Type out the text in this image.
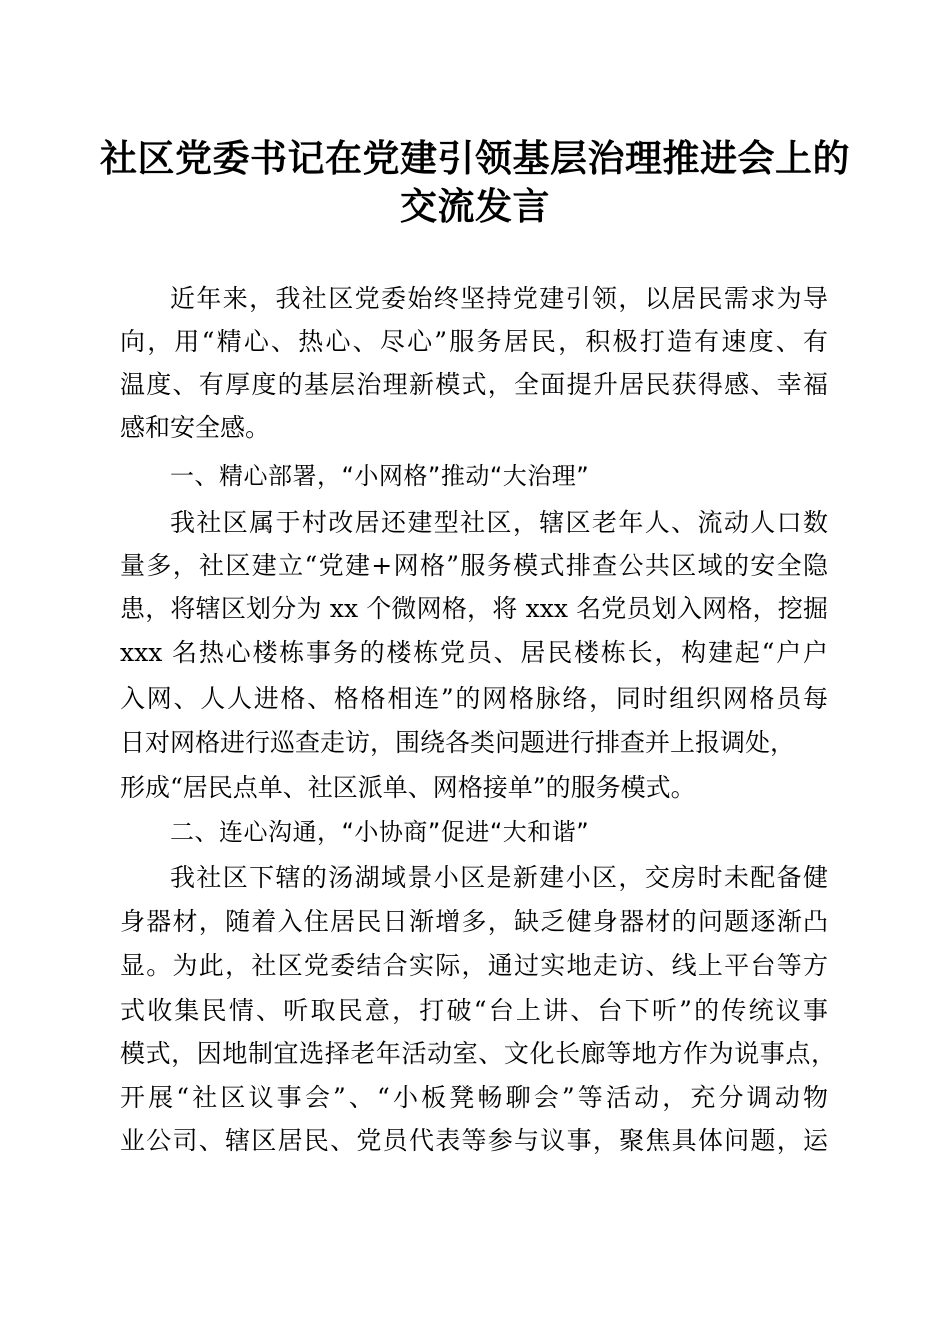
社区党委书记在党建引领基层治理推进会上的
交流发言
近年来，我社区党委始终坚持党建引领，以居民需求为导
向，用“精心、热心、尽心”服务居民，积极打造有速度、有
温度、有厚度的基层治理新模式，全面提升居民获得感、幸福
感和安全感。
一、精心部署，“小网格”推动“大治理”
我社区属于村改居还建型社区，辖区老年人、流动人口数
量多，社区建立“党建+网格”服务模式排查公共区域的安全隐
患，将辖区划分为 xx 个微网格，将 xxx 名党员划入网格，挖掘
xxx 名热心楼栋事务的楼栋党员、居民楼栋长，构建起“户户
入网、人人进格、格格相连”的网格脉络，同时组织网格员每
日对网格进行巡查走访，围绕各类问题进行排查并上报调处，
形成“居民点单、社区派单、网格接单”的服务模式。
二、连心沟通，“小协商”促进“大和谐”
我社区下辖的汤湖域景小区是新建小区，交房时未配备健
身器材，随着入住居民日渐增多，缺乏健身器材的问题逐渐凸
显。为此，社区党委结合实际，通过实地走访、线上平台等方
式收集民情、听取民意，打破“台上讲、台下听”的传统议事
模式，因地制宜选择老年活动室、文化长廊等地方作为说事点，
开展“社区议事会”、“小板凳畅聊会”等活动，充分调动物
业公司、辖区居民、党员代表等参与议事，聚焦具体问题，运
